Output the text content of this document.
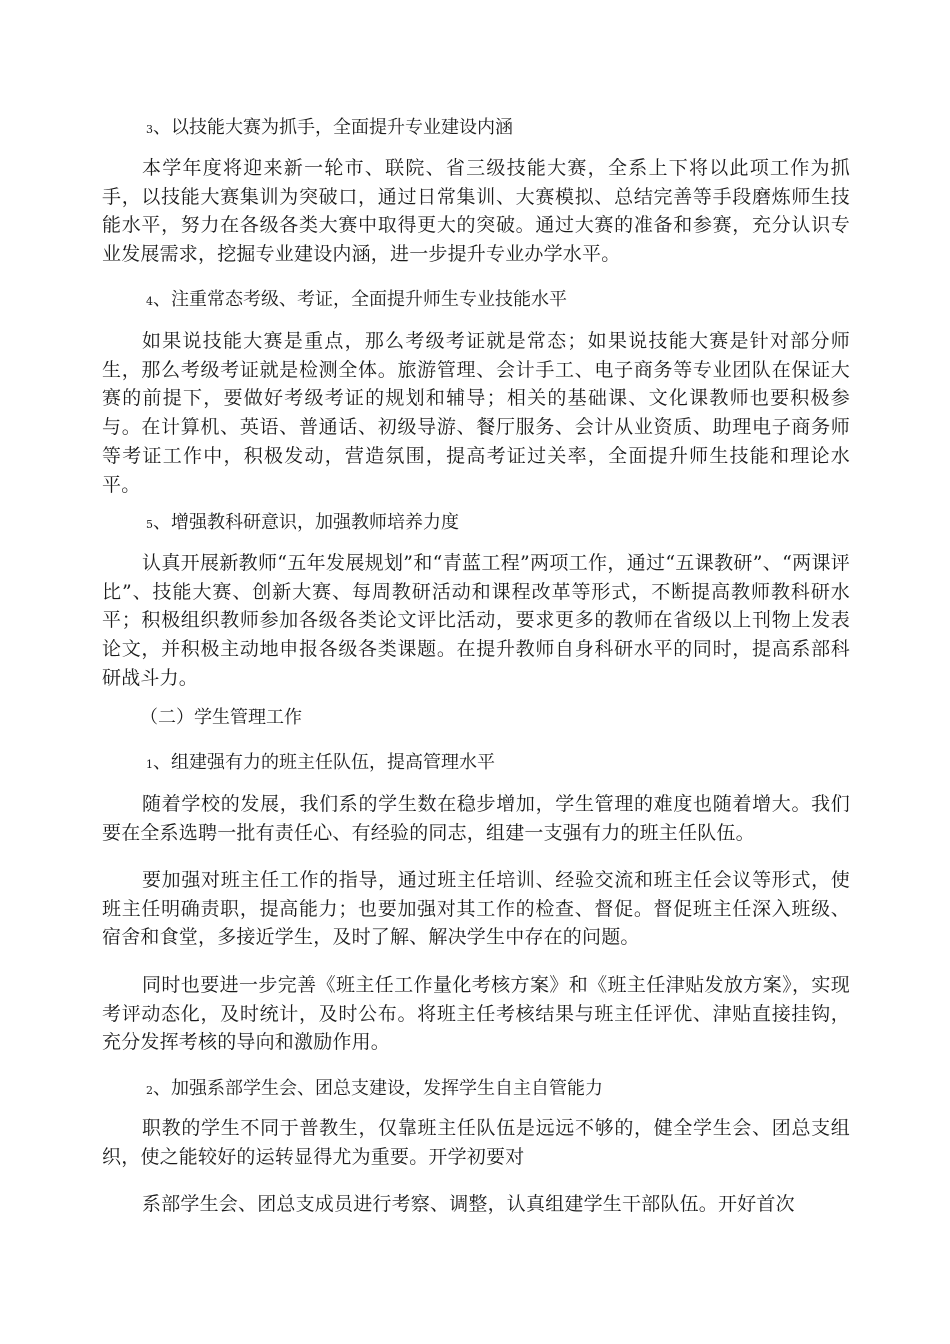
3、以技能大赛为抓手，全面提升专业建设内涵

本学年度将迎来新一轮市、联院、省三级技能大赛，全系上下将以此项工作为抓手，以技能大赛集训为突破口，通过日常集训、大赛模拟、总结完善等手段磨炼师生技能水平，努力在各级各类大赛中取得更大的突破。通过大赛的准备和参赛，充分认识专业发展需求，挖掘专业建设内涵，进一步提升专业办学水平。

4、注重常态考级、考证，全面提升师生专业技能水平

如果说技能大赛是重点，那么考级考证就是常态；如果说技能大赛是针对部分师生，那么考级考证就是检测全体。旅游管理、会计手工、电子商务等专业团队在保证大赛的前提下，要做好考级考证的规划和辅导；相关的基础课、文化课教师也要积极参与。在计算机、英语、普通话、初级导游、餐厅服务、会计从业资质、助理电子商务师等考证工作中，积极发动，营造氛围，提高考证过关率，全面提升师生技能和理论水平。

5、增强教科研意识，加强教师培养力度

认真开展新教师“五年发展规划”和“青蓝工程”两项工作，通过“五课教研”、“两课评比”、技能大赛、创新大赛、每周教研活动和课程改革等形式，不断提高教师教科研水平；积极组织教师参加各级各类论文评比活动，要求更多的教师在省级以上刊物上发表论文，并积极主动地申报各级各类课题。在提升教师自身科研水平的同时，提高系部科研战斗力。

（二）学生管理工作

1、组建强有力的班主任队伍，提高管理水平

随着学校的发展，我们系的学生数在稳步增加，学生管理的难度也随着增大。我们要在全系选聘一批有责任心、有经验的同志，组建一支强有力的班主任队伍。

要加强对班主任工作的指导，通过班主任培训、经验交流和班主任会议等形式，使班主任明确责职，提高能力；也要加强对其工作的检查、督促。督促班主任深入班级、宿舍和食堂，多接近学生，及时了解、解决学生中存在的问题。

同时也要进一步完善《班主任工作量化考核方案》和《班主任津贴发放方案》，实现考评动态化，及时统计，及时公布。将班主任考核结果与班主任评优、津贴直接挂钩，充分发挥考核的导向和激励作用。

2、加强系部学生会、团总支建设，发挥学生自主自管能力

职教的学生不同于普教生，仅靠班主任队伍是远远不够的，健全学生会、团总支组织，使之能较好的运转显得尤为重要。开学初要对

系部学生会、团总支成员进行考察、调整，认真组建学生干部队伍。开好首次
